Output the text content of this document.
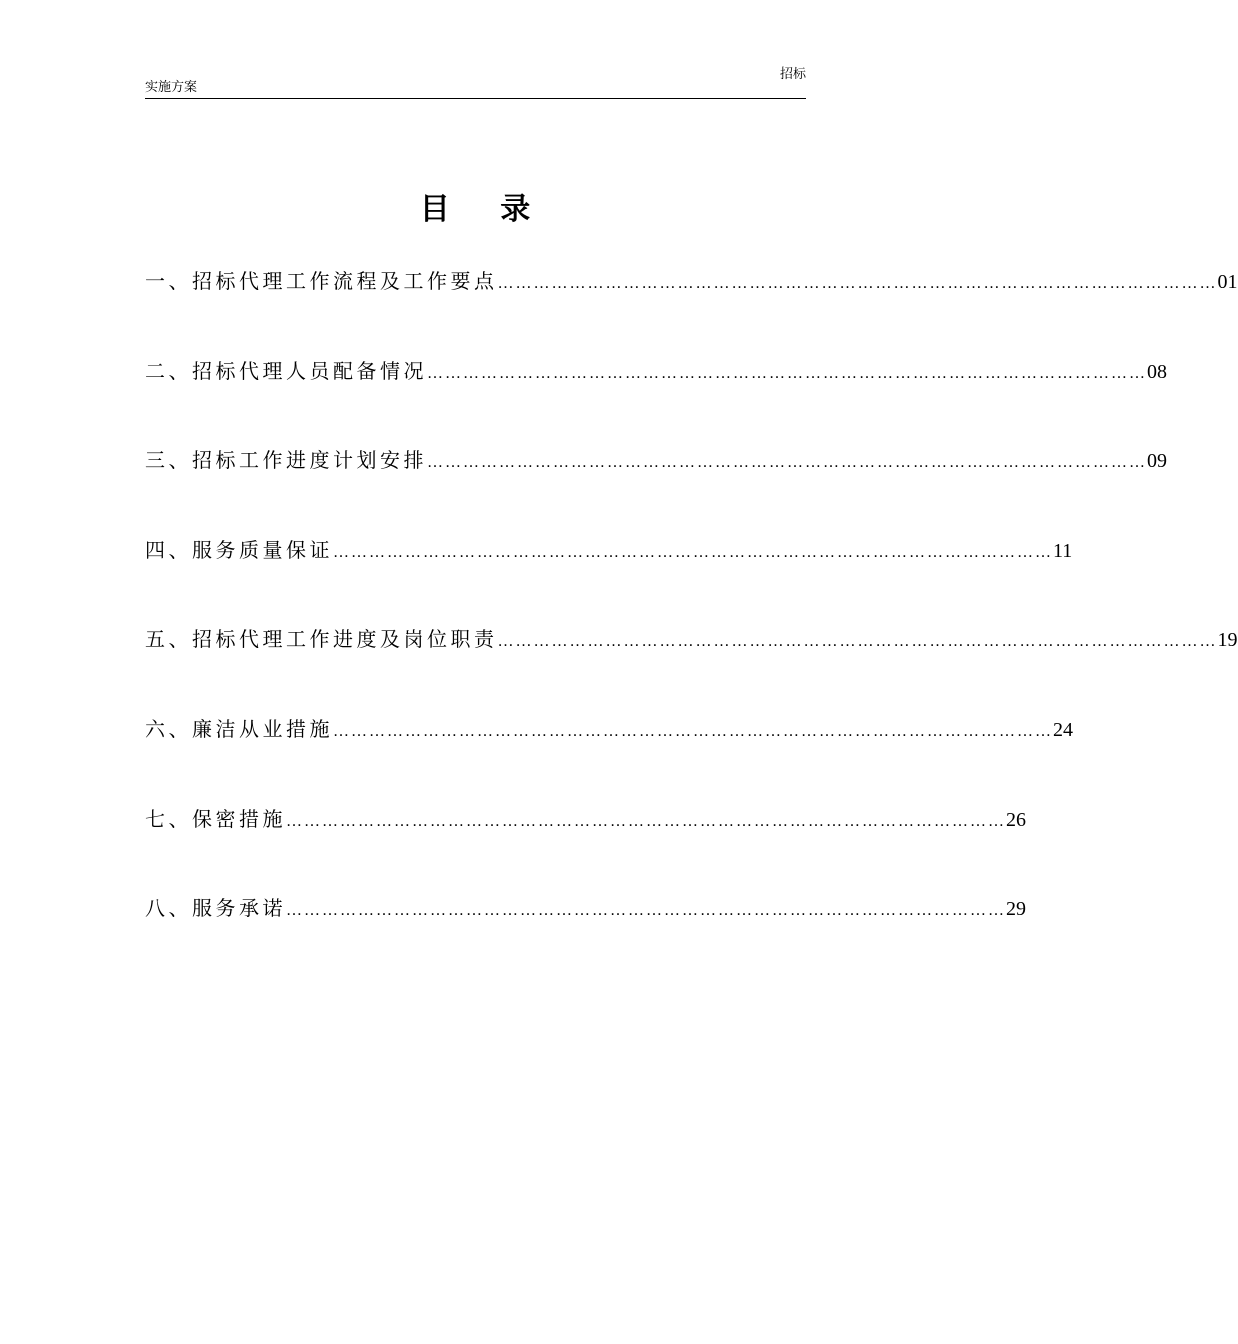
实施方案
招标
目 录
一、招标代理工作流程及工作要点 ………………………………………………………………………………………………………… 01
二、招标代理人员配备情况 ………………………………………………………………………………………………………… 08
三、招标工作进度计划安排 ………………………………………………………………………………………………………… 09
四、服务质量保证 ………………………………………………………………………………………………………… 11
五、招标代理工作进度及岗位职责 ………………………………………………………………………………………………………… 19
六、廉洁从业措施 ………………………………………………………………………………………………………… 24
七、保密措施 ………………………………………………………………………………………………………… 26
八、服务承诺 ………………………………………………………………………………………………………… 29
